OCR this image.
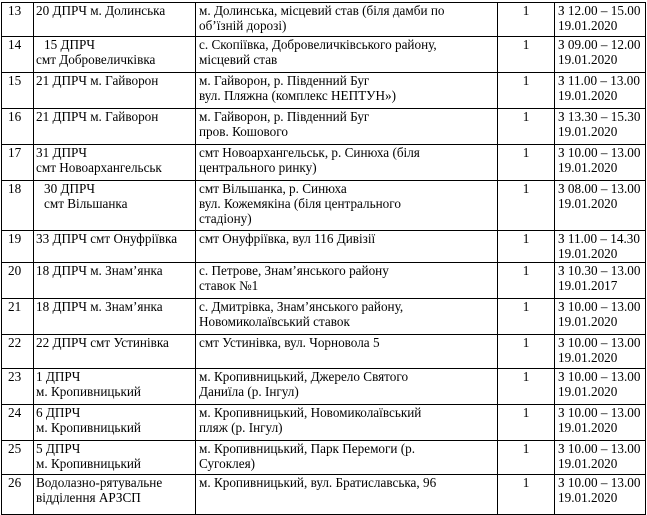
13	20 ДПРЧ м. Долинська	м. Долинська, місцевий став (біля дамби по
об’їзній дорозі)	1	З 12.00 – 15.00
19.01.2020

14	15 ДПРЧ
смт Добровеличківка	с. Скопіївка, Добровеличківського району,
місцевий став	1	З 09.00 – 12.00
19.01.2020

15	21 ДПРЧ м. Гайворон	м. Гайворон, р. Південний Буг
вул. Пляжна (комплекс НЕПТУН»)	1	З 11.00 – 13.00
19.01.2020

16	21 ДПРЧ м. Гайворон	м. Гайворон, р. Південний Буг
пров. Кошового	1	З 13.30 – 15.30
19.01.2020

17	31 ДПРЧ
смт Новоархангельськ	смт Новоархангельськ, р. Синюха (біля
центрального ринку)	1	З 10.00 – 13.00
19.01.2020

18	30 ДПРЧ
смт Вільшанка	смт Вільшанка, р. Синюха
вул. Кожемякіна (біля центрального
стадіону)	1	З 08.00 – 13.00
19.01.2020

19	33 ДПРЧ смт Онуфріївка	смт Онуфріївка, вул 116 Дивізії	1	З 11.00 – 14.30
19.01.2020

20	18 ДПРЧ м. Знам’янка	с. Петрове, Знам’янського району
ставок №1	1	З 10.30 – 13.00
19.01.2017

21	18 ДПРЧ м. Знам’янка	с. Дмитрівка, Знам’янського району,
Новомиколаївський ставок	1	З 10.00 – 13.00
19.01.2020

22	22 ДПРЧ смт Устинівка	смт Устинівка, вул. Чорновола 5	1	З 10.00 – 13.00
19.01.2020

23	1 ДПРЧ
м. Кропивницький	м. Кропивницький, Джерело Святого
Даниїла (р. Інгул)	1	З 10.00 – 13.00
19.01.2020

24	6 ДПРЧ
м. Кропивницький	м. Кропивницький, Новомиколаївський
пляж (р. Інгул)	1	З 10.00 – 13.00
19.01.2020

25	5 ДПРЧ
м. Кропивницький	м. Кропивницький, Парк Перемоги (р.
Сугоклея)	1	З 10.00 – 13.00
19.01.2020

26	Водолазно-рятувальне
відділення АРЗСП	м. Кропивницький, вул. Братиславська, 96	1	З 10.00 – 13.00
19.01.2020
